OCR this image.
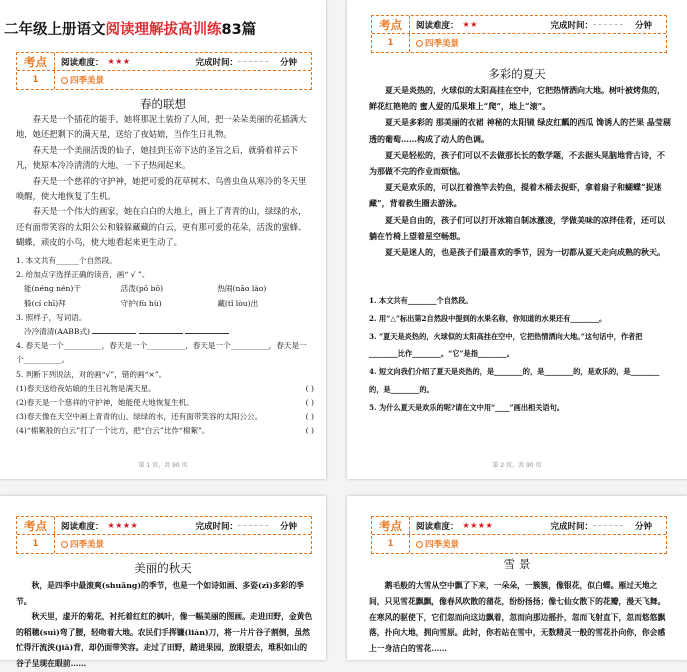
二年级上册语文阅读理解拔高训练83篇
考点	阅读难度： ★★★	完成时间：	分钟
1	四季美景
春的联想

春天是一个插花的能手，她将那泥土装扮了人间，把一朵朵美丽的花插满大地，她还把剩下的满天星，送给了夜姑娘，当作生日礼物。

春天是一个美丽活泼的仙子，她挂到玉帝下达的圣旨之后，就骑着祥云下凡，使原本冷冷清清的大地，一下子热闹起来。

春天是一个慈祥的守护神，她把可爱的花草树木、鸟兽虫鱼从寒冷的冬天里唤醒，使大地恢复了生机。

春天是一个伟大的画家，她在白白的大地上，画上了青青的山，绿绿的水，还有面带笑容的太阳公公和躲躲藏藏的白云，更有那可爱的花朵，活泼的蜜蜂、蝴蝶，顽皮的小鸟，使大地看起来更生动了。

1. 本文共有______个自然段。
2. 给加点字选择正确的读音，画“ √ ”。
能(néng nén)干	活泼(pō bō)	热闹(nāo lào)
躲(cí chī)拜	守护(fù hù)	藏(tǐ lòu)出
3. 照样子，写词语。
冷冷清清(AABB式)
4. 春天是一个__________，春天是一个__________，春天是一个__________，春天是一个__________。
5. 判断下列说法，对的画“√”，错的画“×”。
(1)春天送给夜姑娘的生日礼物是满天星。	( )
(2)春天是一个慈祥的守护神，她能使大地恢复生机。	( )
(3)春天像在天空中画上青青的山、绿绿的水，还有面带笑容的太阳公公。	( )
(4)“棉絮般的白云”打了一个比方，把“白云”比作“棉絮”。	( )
第 1 页，共 90 页
考点	阅读难度： ★★	完成时间：	分钟
1	四季美景
多彩的夏天

夏天是炎热的，火球似的太阳高挂在空中，它把热情洒向大地。树叶被烤焦的，鲜花红艳艳的 蜜人爱的瓜果堆上“爬”，地上“滚”。

夏天是多彩的 那美丽的衣裙 神秘的太阳镜 绿皮红瓤的西瓜 馋诱人的芒果 晶莹剔透的葡萄……构成了动人的色调。

夏天是轻松的，孩子们可以不去做那长长的数学题，不去据头晃脑地背古诗，不为那做不完的作业而烦恼。

夏天是欢乐的，可以扛着渔竿去钓鱼，提着木桶去捉虾，拿着扇子和蝴蝶“捉迷藏”，背着救生圈去游泳。

夏天是自由的，孩子们可以打开冰箱自制冰激凌，学做美味的凉拌佳肴，还可以躺在竹椅上望着星空畅想。

夏天是迷人的，也是孩子们最喜欢的季节，因为一切都从夏天走向成熟的秋天。

1. 本文共有________个自然段。
2. 用“△”标出第2自然段中提到的水果名称，你知道的水果还有________。
3. “夏天是炎热的，火球似的太阳高挂在空中，它把热情洒向大地。”这句话中，作者把________比作________。“它”是指________。
4. 短文向我们介绍了夏天是炎热的，是________的，是________的，是欢乐的，是________的，是________的。
5. 为什么夏天是欢乐的呢?请在文中用“____”画出相关语句。
第 2 页，共 90 页
考点	阅读难度： ★★★★	完成时间：	分钟
1	四季美景
美丽的秋天

秋，是四季中最滚爽(shuǎng)的季节，也是一个如诗如画、多姿(zī)多彩的季节。

秋天里，虚开的菊花，衬托着红红的枫叶，像一幅美丽的图画。走进田野，金黄色的稻穗(suì)弯了腰，轻吻着大地。农民们手挥镰(lián)刀，将一片片谷子割倒，虽然忙得汗流浃(jiā)背，却仍面带笑容。走过了田野，踏进果园，放眼望去，堆积如山的谷子呈现在眼前……

考点	阅读难度： ★★★★	完成时间：	分钟
1	四季美景
雪 景

鹅毛般的大雪从空中飘了下来，一朵朵，一簇簇，像银花，似白蝶。雁过天地之间，只见雪花飘飘，像春风吹散的蒲花，纷纷扬扬；像七仙女散下的花瓣，漫天飞舞。在寒风的驱使下，它们忽而向这边飘着，忽而向那边摇扑，忽而飞射直下，忽而悠悠飘落，扑向大地，拥向雪原。此时，你若站在雪中，无数精灵一般的雪花扑向你，你会感上一身洁白的雪花……
